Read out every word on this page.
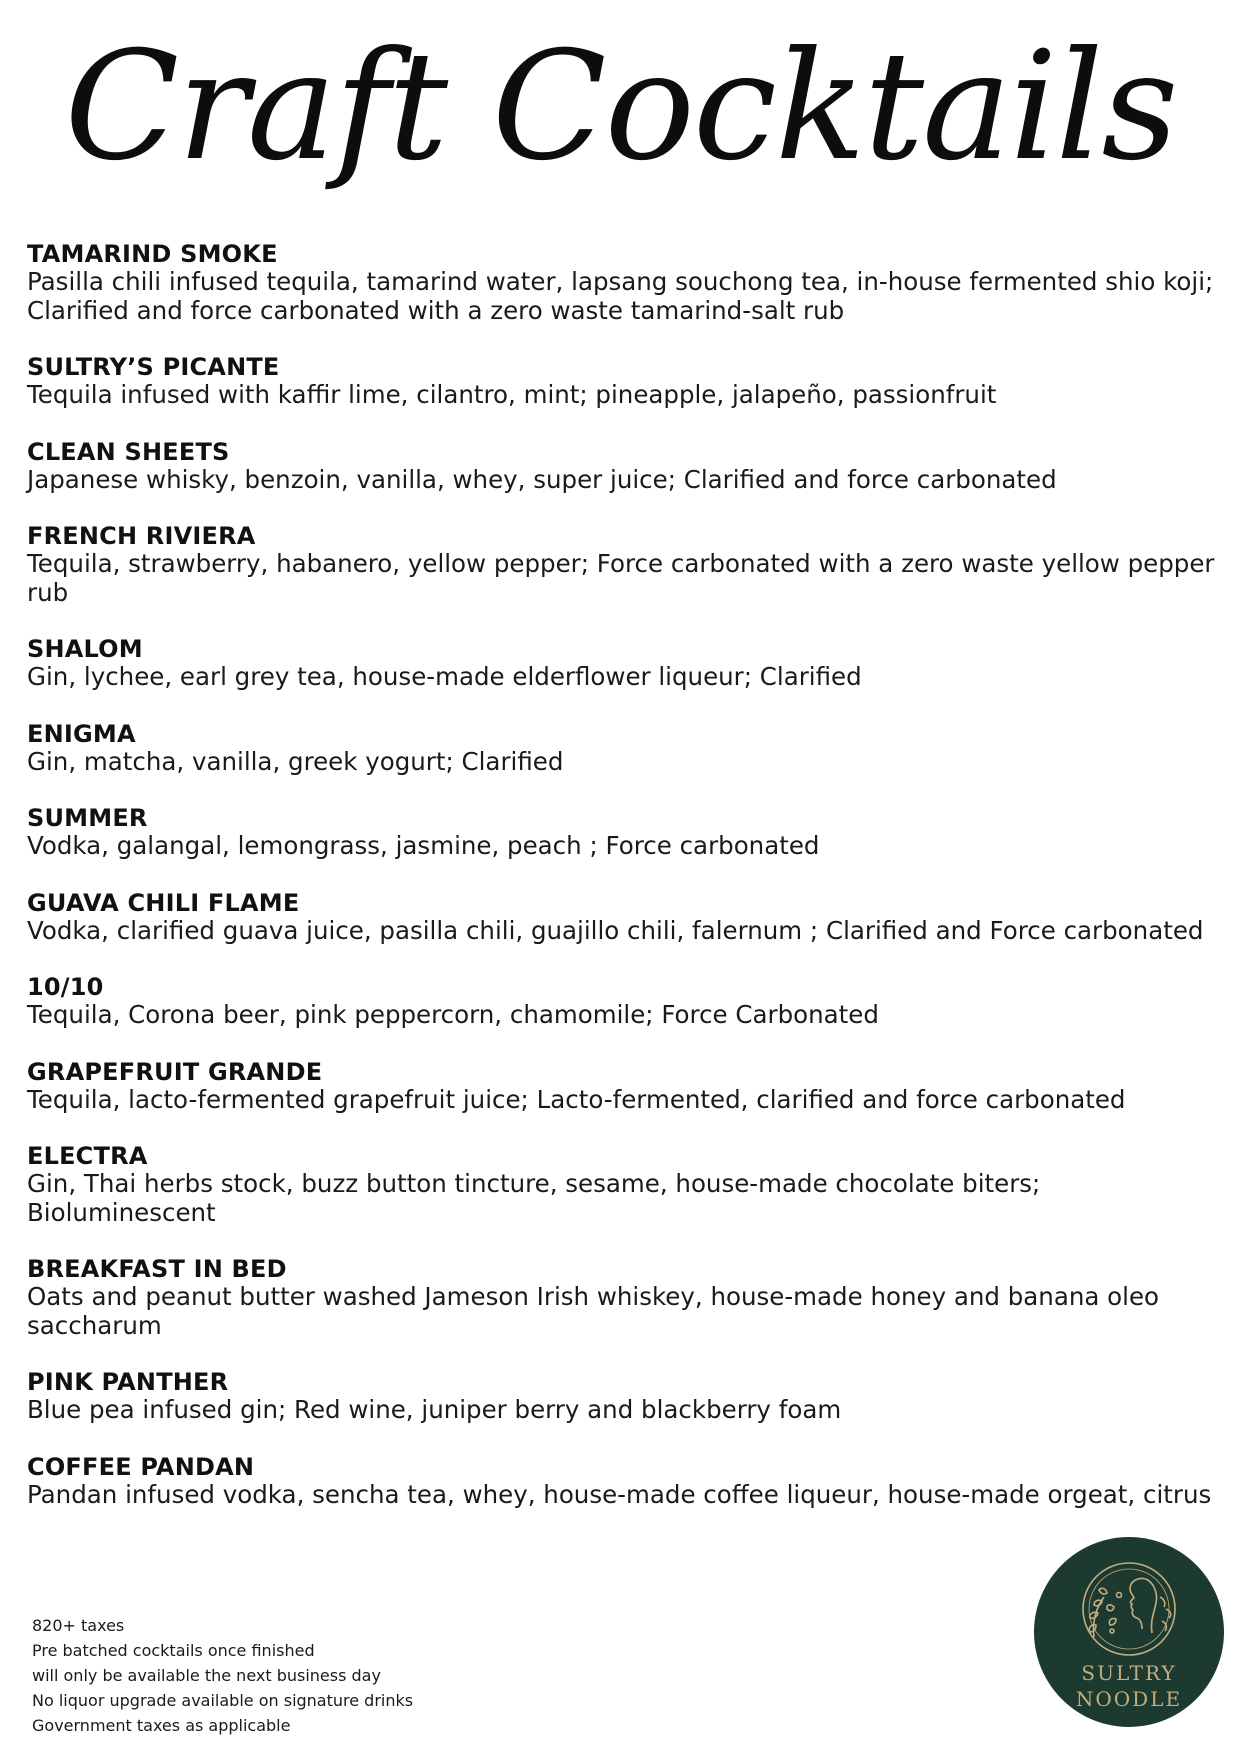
Craft Cocktails
TAMARIND SMOKE
Pasilla chili infused tequila, tamarind water, lapsang souchong tea, in-house fermented shio koji; Clarified and force carbonated with a zero waste tamarind-salt rub
SULTRY’S PICANTE
Tequila infused with kaffir lime, cilantro, mint; pineapple, jalapeño, passionfruit
CLEAN SHEETS
Japanese whisky, benzoin, vanilla, whey, super juice; Clarified and force carbonated
FRENCH RIVIERA
Tequila, strawberry, habanero, yellow pepper; Force carbonated with a zero waste yellow pepper rub
SHALOM
Gin, lychee, earl grey tea, house-made elderflower liqueur; Clarified
ENIGMA
Gin, matcha, vanilla, greek yogurt; Clarified
SUMMER
Vodka, galangal, lemongrass, jasmine, peach ; Force carbonated
GUAVA CHILI FLAME
Vodka, clarified guava juice, pasilla chili, guajillo chili, falernum ; Clarified and Force carbonated
10/10
Tequila, Corona beer, pink peppercorn, chamomile; Force Carbonated
GRAPEFRUIT GRANDE
Tequila, lacto-fermented grapefruit juice; Lacto-fermented, clarified and force carbonated
ELECTRA
Gin, Thai herbs stock, buzz button tincture, sesame, house-made chocolate biters; Bioluminescent
BREAKFAST IN BED
Oats and peanut butter washed Jameson Irish whiskey, house-made honey and banana oleo saccharum
PINK PANTHER
Blue pea infused gin; Red wine, juniper berry and blackberry foam
COFFEE PANDAN
Pandan infused vodka, sencha tea, whey, house-made coffee liqueur, house-made orgeat, citrus
820+ taxes
Pre batched cocktails once finished
will only be available the next business day
No liquor upgrade available on signature drinks
Government taxes as applicable
SULTRY
NOODLE
